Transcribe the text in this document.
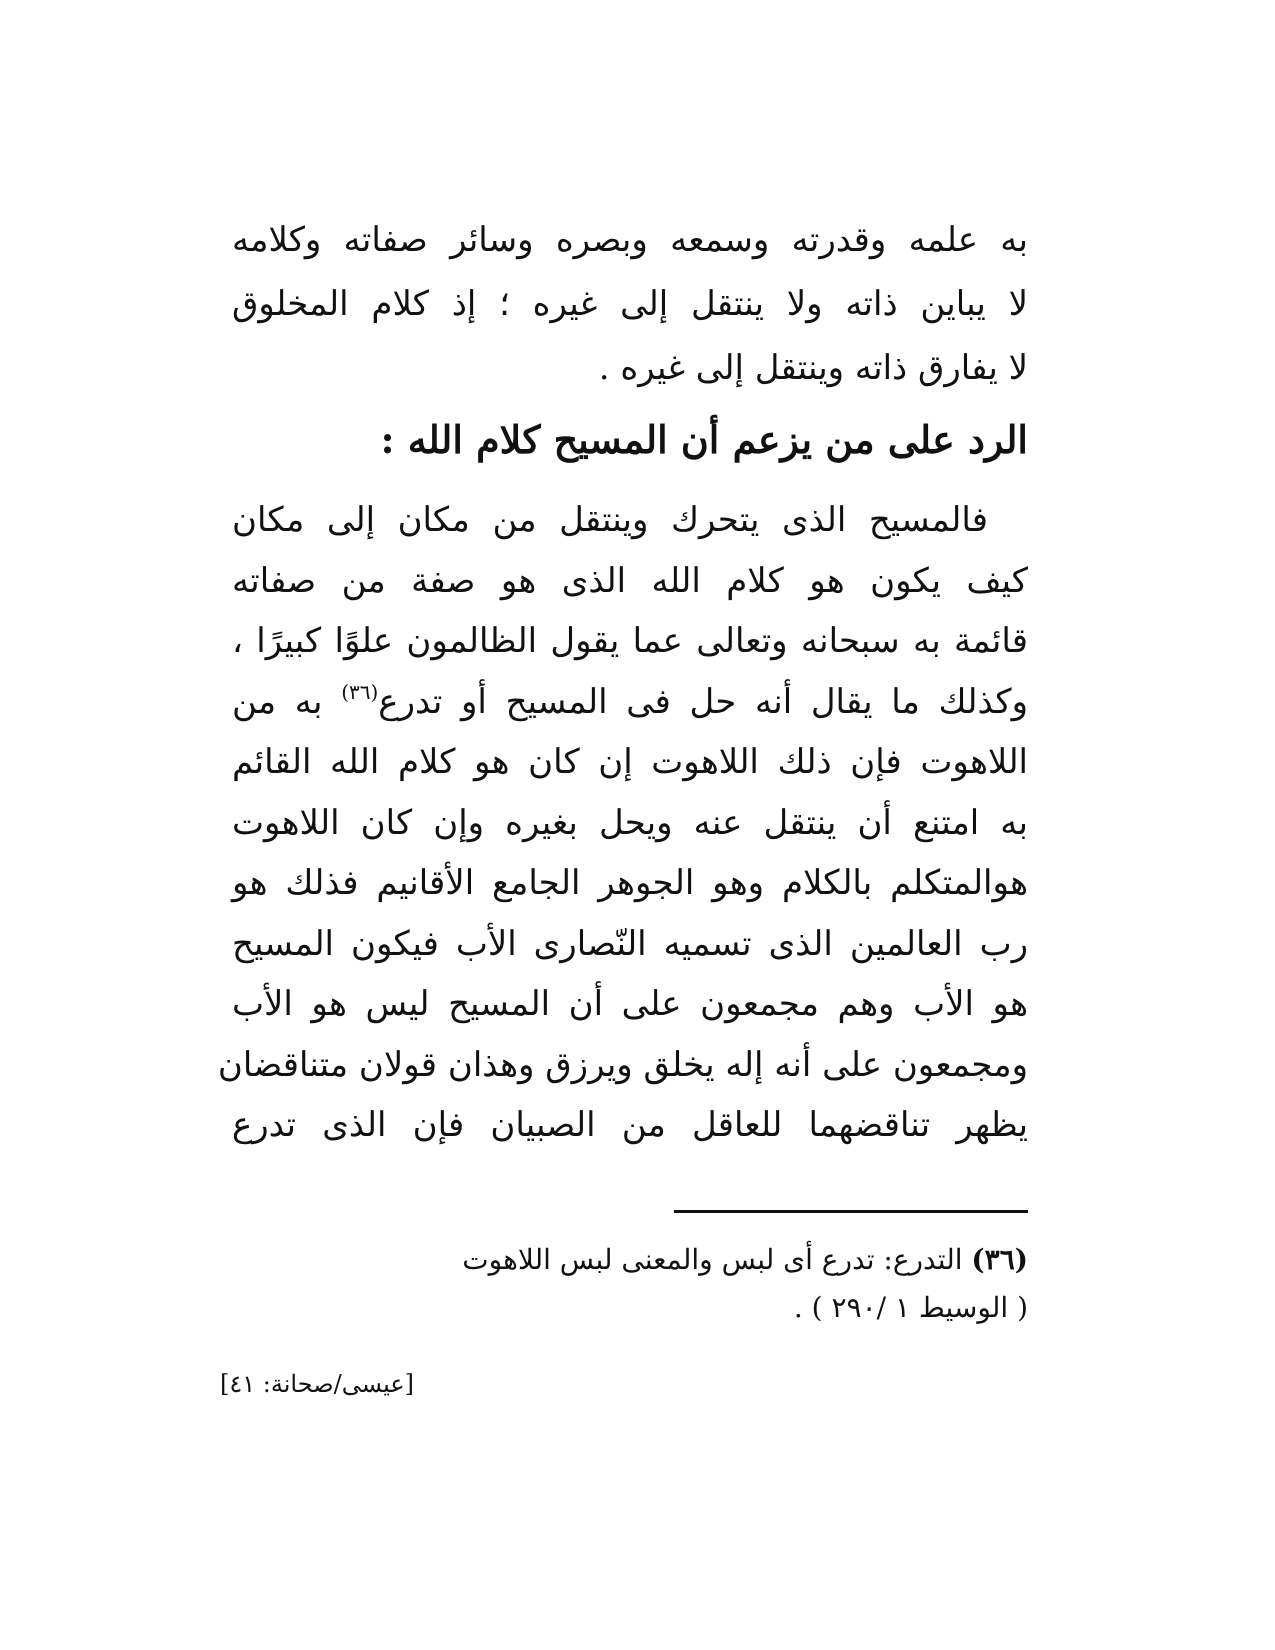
به علمه وقدرته وسمعه وبصره وسائر صفاته وكلامه
لا يباين ذاته ولا ينتقل إلى غيره ؛ إذ كلام المخلوق
لا يفارق ذاته وينتقل إلى غيره .
الرد على من يزعم أن المسيح كلام الله :
فالمسيح الذى يتحرك وينتقل من مكان إلى مكان
كيف يكون هو كلام الله الذى هو صفة من صفاته
قائمة به سبحانه وتعالى عما يقول الظالمون علوًا كبيرًا ،
وكذلك ما يقال أنه حل فى المسيح أو تدرع$^{(٣٦)}$ به من
اللاهوت فإن ذلك اللاهوت إن كان هو كلام الله القائم
به امتنع أن ينتقل عنه ويحل بغيره وإن كان اللاهوت
هوالمتكلم بالكلام وهو الجوهر الجامع الأقانيم فذلك هو
رب العالمين الذى تسميه النّصارى الأب فيكون المسيح
هو الأب وهم مجمعون على أن المسيح ليس هو الأب
ومجمعون على أنه إله يخلق ويرزق وهذان قولان متناقضان
يظهر تناقضهما للعاقل من الصبيان فإن الذى تدرع
(٣٦) التدرع: تدرع أى لبس والمعنى لبس اللاهوت
( الوسيط ١ /٢٩٠ ) .
[عيسى/صحانة: ٤١]
